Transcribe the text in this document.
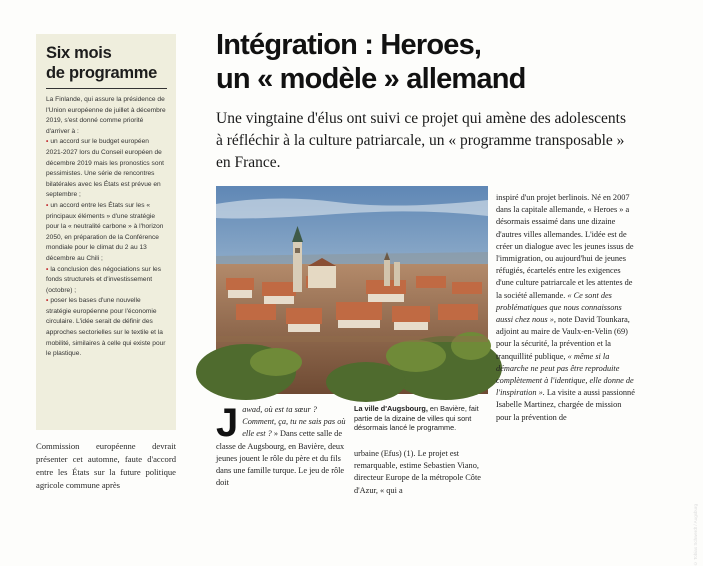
Six mois
de programme

La Finlande, qui assure la présidence de l'Union européenne de juillet à décembre 2019, s'est donné comme priorité d'arriver à :

• un accord sur le budget européen 2021-2027 lors du Conseil européen de décembre 2019 mais les pronostics sont pessimistes. Une série de rencontres bilatérales avec les États est prévue en septembre ;

• un accord entre les États sur les « principaux éléments » d'une stratégie pour la « neutralité carbone » à l'horizon 2050, en préparation de la Conférence mondiale pour le climat du 2 au 13 décembre au Chili ;

• la conclusion des négociations sur les fonds structurels et d'investissement (octobre) ;

• poser les bases d'une nouvelle stratégie européenne pour l'économie circulaire. L'idée serait de définir des approches sectorielles sur le textile et la mobilité, similaires à celle qui existe pour le plastique.

Commission européenne devrait présenter cet automne, faute d'accord entre les États sur la future politique agricole commune après

Intégration : Heroes,
un « modèle » allemand

Une vingtaine d'élus ont suivi ce projet qui amène des adolescents à réfléchir à la culture patriarcale, un « programme transposable » en France.

© Tobias Schwerdt / Augsburg

La ville d'Augsbourg, en Bavière, fait partie de la dizaine de villes qui sont désormais lancé le programme.

J awad, où est ta sœur ? Comment, ça, tu ne sais pas où elle est ? » Dans cette salle de classe de Augsbourg, en Bavière, deux jeunes jouent le rôle du père et du fils dans une famille turque. Le jeu de rôle doit

urbaine (Efus) (1). Le projet est remarquable, estime Sebastien Viano, directeur Europe de la métropole Côte d'Azur, « qui a

inspiré d'un projet berlinois. Né en 2007 dans la capitale allemande, « Heroes » a désormais essaimé dans une dizaine d'autres villes allemandes. L'idée est de créer un dialogue avec les jeunes issus de l'immigration, ou aujourd'hui de jeunes réfugiés, écartelés entre les exigences d'une culture patriarcale et les attentes de la société allemande. « Ce sont des problématiques que nous connaissons aussi chez nous », note David Tounkara, adjoint au maire de Vaulx-en-Velin (69) pour la sécurité, la prévention et la tranquillité publique, « même si la démarche ne peut pas être reproduite complètement à l'identique, elle donne de l'inspiration ». La visite a aussi passionné Isabelle Martinez, chargée de mission pour la prévention de
